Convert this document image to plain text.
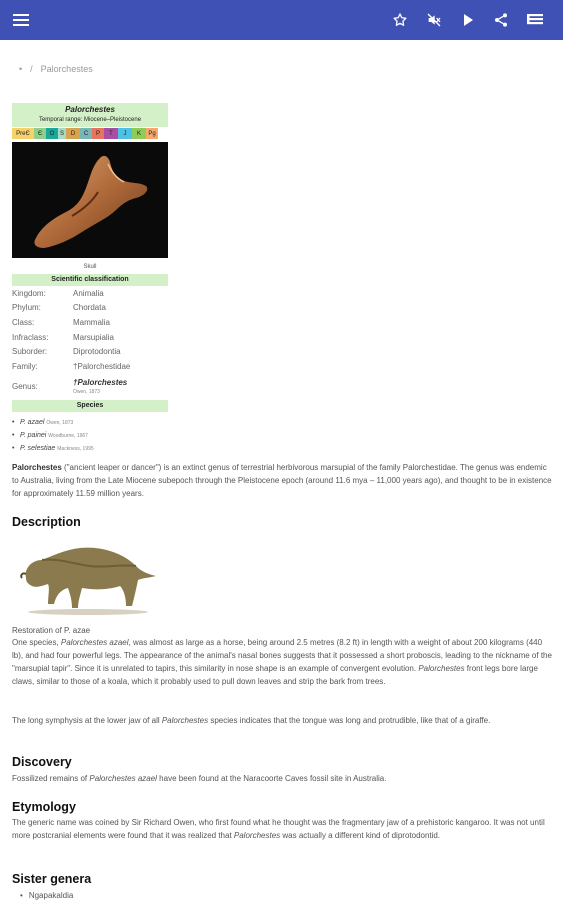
• / Palorchestes
Palorchestes
Temporal range: Miocene–Pleistocene
PreЄ	Є	O S	D	C	P	T	J	K	Pg
Skull
Scientific classification
Kingdom:	Animalia
Phylum:	Chordata
Class:	Mammalia
Infraclass:	Marsupialia
Suborder:	Diprotodontia
Family:	†Palorchestidae
Genus:	†Palorchestes
Owen, 1873
Species
• P. azael Owen, 1873
• P. painei Woodburne, 1967
• P. selestiae Mackness, 1995
Palorchestes ("ancient leaper or dancer") is an extinct genus of terrestrial herbivorous marsupial of the family Palorchestidae. The genus was endemic to Australia, living from the Late Miocene subepoch through the Pleistocene epoch (around 11.6 mya – 11,000 years ago), and thought to be in existence for approximately 11.59 million years.
Description
Restoration of P. azae
One species, Palorchestes azael, was almost as large as a horse, being around 2.5 metres (8.2 ft) in length with a weight of about 200 kilograms (440 lb), and had four powerful legs. The appearance of the animal's nasal bones suggests that it possessed a short proboscis, leading to the nickname of the "marsupial tapir". Since it is unrelated to tapirs, this similarity in nose shape is an example of convergent evolution. Palorchestes front legs bore large claws, similar to those of a koala, which it probably used to pull down leaves and strip the bark from trees.
The long symphysis at the lower jaw of all Palorchestes species indicates that the tongue was long and protrudible, like that of a giraffe.
Discovery
Fossilized remains of Palorchestes azael have been found at the Naracoorte Caves fossil site in Australia.
Etymology
The generic name was coined by Sir Richard Owen, who first found what he thought was the fragmentary jaw of a prehistoric kangaroo. It was not until more postcranial elements were found that it was realized that Palorchestes was actually a different kind of diprotodontid.
Sister genera
• Ngapakaldia
